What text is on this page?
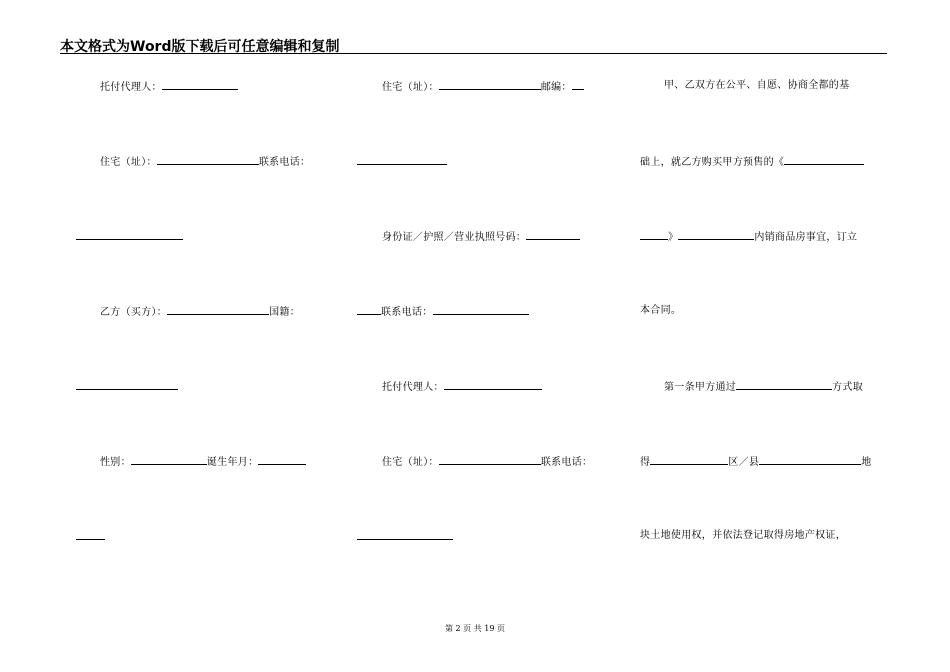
本文格式为Word版下载后可任意编辑和复制
托付代理人：
住宅（址）：	联系电话：
乙方（买方）：	国籍：
性别：	诞生年月：
住宅（址）：	邮编：
身份证／护照／营业执照号码：
联系电话：
托付代理人：
住宅（址）：	联系电话：
甲、乙双方在公平、自愿、协商全都的基
础上，就乙方购买甲方预售的《
》	内销商品房事宜，订立
本合同。
第一条甲方通过	方式取
得	区／县	地
块土地使用权，并依法登记取得房地产权证，
第 2 页 共 19 页
